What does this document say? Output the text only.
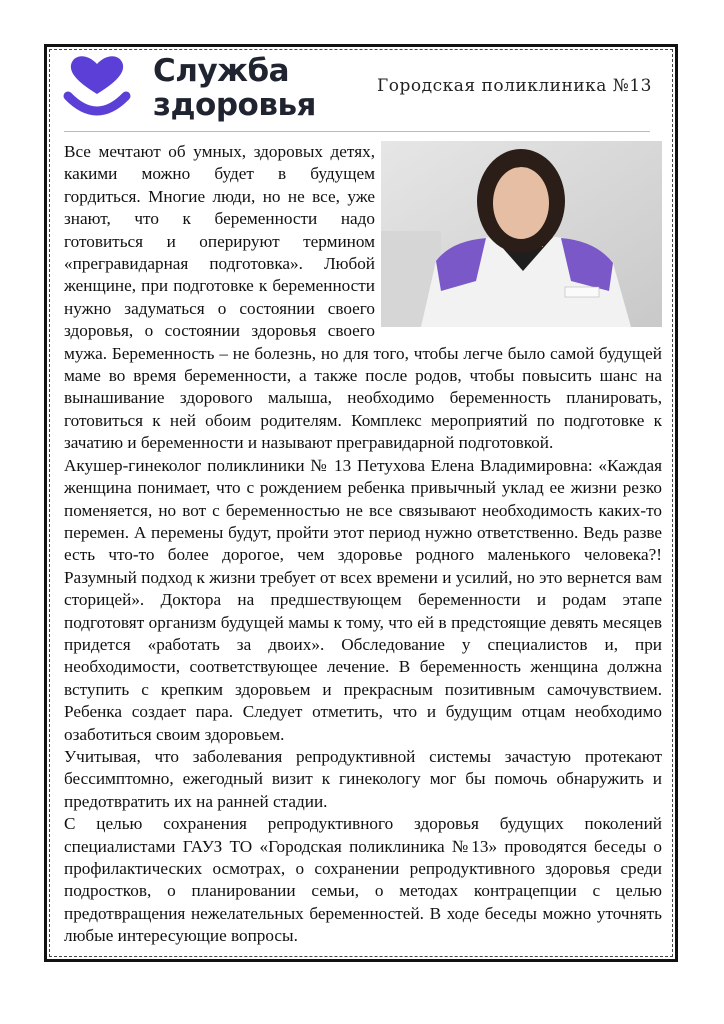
Служба
здоровья
Городская поликлиника №13

Все мечтают об умных, здоровых детях, какими можно будет в будущем гордиться. Многие люди, но не все, уже знают, что к беременности надо готовиться и оперируют термином «прегравидарная подготовка». Любой женщине, при подготовке к беременности нужно задуматься о состоянии своего здоровья, о состоянии здоровья своего мужа. Беременность – не болезнь, но для того, чтобы легче было самой будущей маме во время беременности, а также после родов, чтобы повысить шанс на вынашивание здорового малыша, необходимо беременность планировать, готовиться к ней обоим родителям. Комплекс мероприятий по подготовке к зачатию и беременности и называют прегравидарной подготовкой.

Акушер-гинеколог поликлиники № 13 Петухова Елена Владимировна: «Каждая женщина понимает, что с рождением ребенка привычный уклад ее жизни резко поменяется, но вот с беременностью не все связывают необходимость каких-то перемен. А перемены будут, пройти этот период нужно ответственно. Ведь разве есть что-то более дорогое, чем здоровье родного маленького человека?! Разумный подход к жизни требует от всех времени и усилий, но это вернется вам сторицей». Доктора на предшествующем беременности и родам этапе подготовят организм будущей мамы к тому, что ей в предстоящие девять месяцев придется «работать за двоих». Обследование у специалистов и, при необходимости, соответствующее лечение. В беременность женщина должна вступить с крепким здоровьем и прекрасным позитивным самочувствием. Ребенка создает пара. Следует отметить, что и будущим отцам необходимо озаботиться своим здоровьем.

Учитывая, что заболевания репродуктивной системы зачастую протекают бессимптомно, ежегодный визит к гинекологу мог бы помочь обнаружить и предотвратить их на ранней стадии.

С целью сохранения репродуктивного здоровья будущих поколений специалистами ГАУЗ ТО «Городская поликлиника №13» проводятся беседы о профилактических осмотрах, о сохранении репродуктивного здоровья среди подростков, о планировании семьи, о методах контрацепции с целью предотвращения нежелательных беременностей. В ходе беседы можно уточнять любые интересующие вопросы.
